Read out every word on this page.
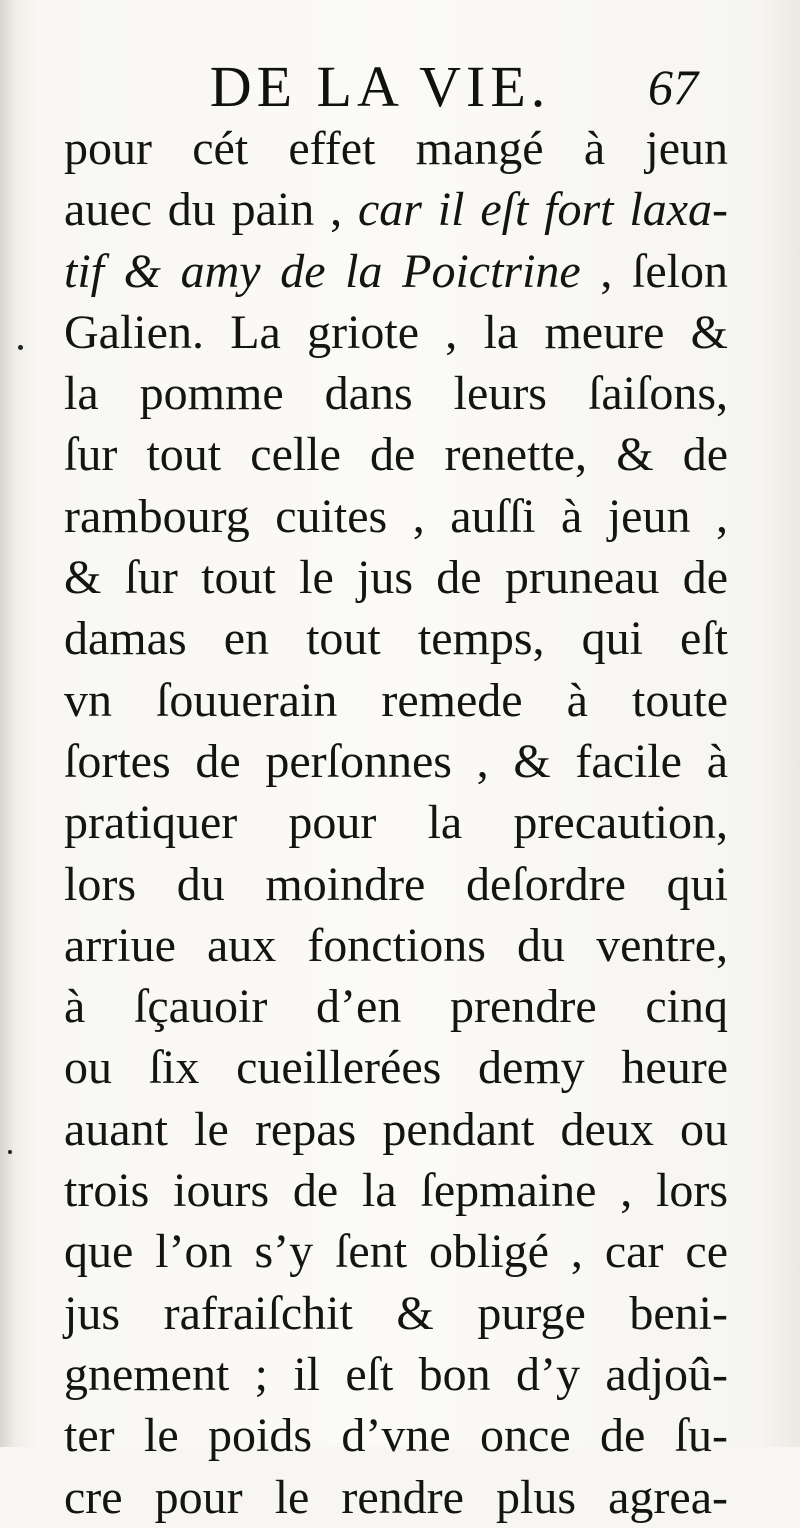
DE LA VIE.	67
pour cét effet mangé à jeun
auec du pain , car il eſt fort laxa-
tif & amy de la Poictrine , ſelon
Galien. La griote , la meure &
la pomme dans leurs ſaiſons,
ſur tout celle de renette, & de
rambourg cuites , auſſi à jeun ,
& ſur tout le jus de pruneau de
damas en tout temps, qui eſt
vn ſouuerain remede à toute
ſortes de perſonnes , & facile à
pratiquer pour la precaution,
lors du moindre deſordre qui
arriue aux fonctions du ventre,
à ſçauoir d’en prendre cinq
ou ſix cueillerées demy heure
auant le repas pendant deux ou
trois iours de la ſepmaine , lors
que l’on s’y ſent obligé , car ce
jus rafraiſchit & purge beni-
gnement ; il eſt bon d’y adjoû-
ter le poids d’vne once de ſu-
cre pour le rendre plus agrea-
